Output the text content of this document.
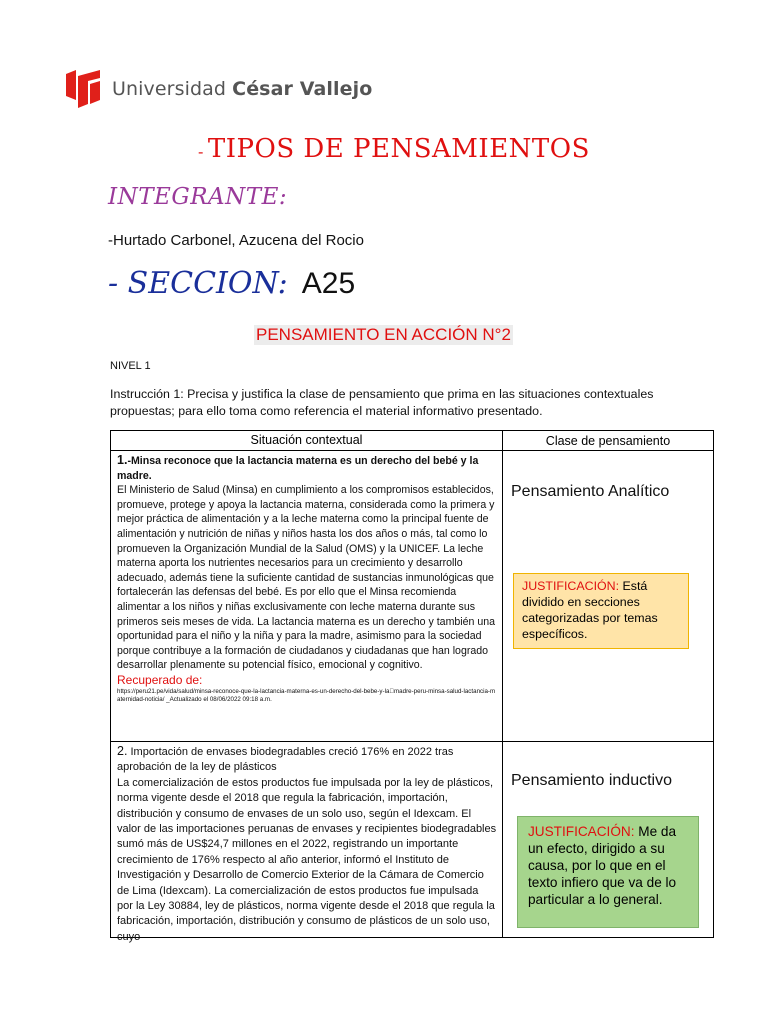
Universidad César Vallejo
- TIPOS DE PENSAMIENTOS
INTEGRANTE:
-Hurtado Carbonel, Azucena del Rocio
- SECCION: A25
PENSAMIENTO EN ACCIÓN N°2
NIVEL 1
Instrucción 1: Precisa y justifica la clase de pensamiento que prima en las situaciones contextuales propuestas; para ello toma como referencia el material informativo presentado.
Situación contextual	Clase de pensamiento
1.-Minsa reconoce que la lactancia materna es un derecho del bebé y la madre.
El Ministerio de Salud (Minsa) en cumplimiento a los compromisos establecidos, promueve, protege y apoya la lactancia materna, considerada como la primera y mejor práctica de alimentación y a la leche materna como la principal fuente de alimentación y nutrición de niñas y niños hasta los dos años o más, tal como lo promueven la Organización Mundial de la Salud (OMS) y la UNICEF. La leche materna aporta los nutrientes necesarios para un crecimiento y desarrollo adecuado, además tiene la suficiente cantidad de sustancias inmunológicas que fortalecerán las defensas del bebé. Es por ello que el Minsa recomienda alimentar a los niños y niñas exclusivamente con leche materna durante sus primeros seis meses de vida. La lactancia materna es un derecho y también una oportunidad para el niño y la niña y para la madre, asimismo para la sociedad porque contribuye a la formación de ciudadanos y ciudadanas que han logrado desarrollar plenamente su potencial físico, emocional y cognitivo.
Recuperado de:
https://peru21.pe/vida/salud/minsa-reconoce-que-la-lactancia-materna-es-un-derecho-del-bebe-y-la madre-peru-minsa-salud-lactancia-maternidad-noticia/ _Actualizado el 08/06/2022 09:18 a.m.
Pensamiento Analítico
JUSTIFICACIÓN: Está dividido en secciones categorizadas por temas específicos.
2. Importación de envases biodegradables creció 176% en 2022 tras aprobación de la ley de plásticos
La comercialización de estos productos fue impulsada por la ley de plásticos, norma vigente desde el 2018 que regula la fabricación, importación, distribución y consumo de envases de un solo uso, según el Idexcam. El valor de las importaciones peruanas de envases y recipientes biodegradables sumó más de US$24,7 millones en el 2022, registrando un importante crecimiento de 176% respecto al año anterior, informó el Instituto de Investigación y Desarrollo de Comercio Exterior de la Cámara de Comercio de Lima (Idexcam). La comercialización de estos productos fue impulsada por la Ley 30884, ley de plásticos, norma vigente desde el 2018 que regula la fabricación, importación, distribución y consumo de plásticos de un solo uso, cuyo
Pensamiento inductivo
JUSTIFICACIÓN: Me da un efecto, dirigido a su causa, por lo que en el texto infiero que va de lo particular a lo general.
